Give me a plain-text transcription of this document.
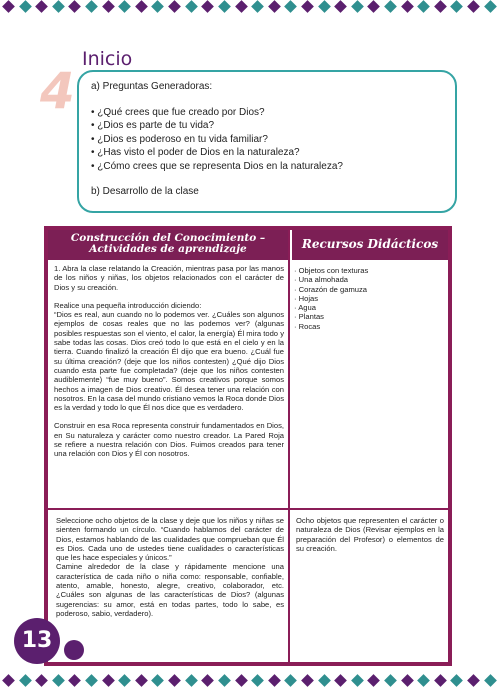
4
Inicio

a) Preguntas Generadoras:

• ¿Qué crees que fue creado por Dios?
• ¿Dios es parte de tu vida?
• ¿Dios es poderoso en tu vida familiar?
• ¿Has visto el poder de Dios en la naturaleza?
• ¿Cómo crees que se representa Dios en la naturaleza?

b) Desarrollo de la clase

Construcción del Conocimiento – Actividades de aprendizaje	Recursos Didácticos

1. Abra la clase relatando la Creación, mientras pasa por las manos de los niños y niñas, los objetos relacionados con el carácter de Dios y su creación.

Realice una pequeña introducción diciendo:

“Dios es real, aun cuando no lo podemos ver. ¿Cuáles son algunos ejemplos de cosas reales que no las podemos ver? (algunas posibles respuestas son el viento, el calor, la energía) Él mira todo y sabe todas las cosas. Dios creó todo lo que está en el cielo y en la tierra. Cuando finalizó la creación Él dijo que era bueno. ¿Cuál fue su última creación? (deje que los niños contesten) ¿Qué dijo Dios cuando esta parte fue completada? (deje que los niños contesten audiblemente) “fue muy bueno”. Somos creativos porque somos hechos a imagen de Dios creativo. Él desea tener una relación con nosotros. En la casa del mundo cristiano vemos la Roca donde Dios es la verdad y todo lo que Él nos dice que es verdadero.

Construir en esa Roca representa construir fundamentados en Dios, en Su naturaleza y carácter como nuestro creador. La Pared Roja se refiere a nuestra relación con Dios. Fuimos creados para tener una relación con Dios y Él con nosotros.

· Objetos con texturas
· Una almohada
· Corazón de gamuza
· Hojas
· Agua
· Plantas
· Rocas

Seleccione ocho objetos de la clase y deje que los niños y niñas se sienten formando un círculo. “Cuando hablamos del carácter de Dios, estamos hablando de las cualidades que comprueban que Él es Dios. Cada uno de ustedes tiene cualidades o características que les hace especiales y únicos.”

Camine alrededor de la clase y rápidamente mencione una característica de cada niño o niña como: responsable, confiable, atento, amable, honesto, alegre, creativo, colaborador, etc. ¿Cuáles son algunas de las características de Dios? (algunas sugerencias: su amor, está en todas partes, todo lo sabe, es poderoso, sabio, verdadero).

Ocho objetos que representen el carácter o naturaleza de Dios (Revisar ejemplos en la preparación del Profesor) o elementos de su creación.

13
